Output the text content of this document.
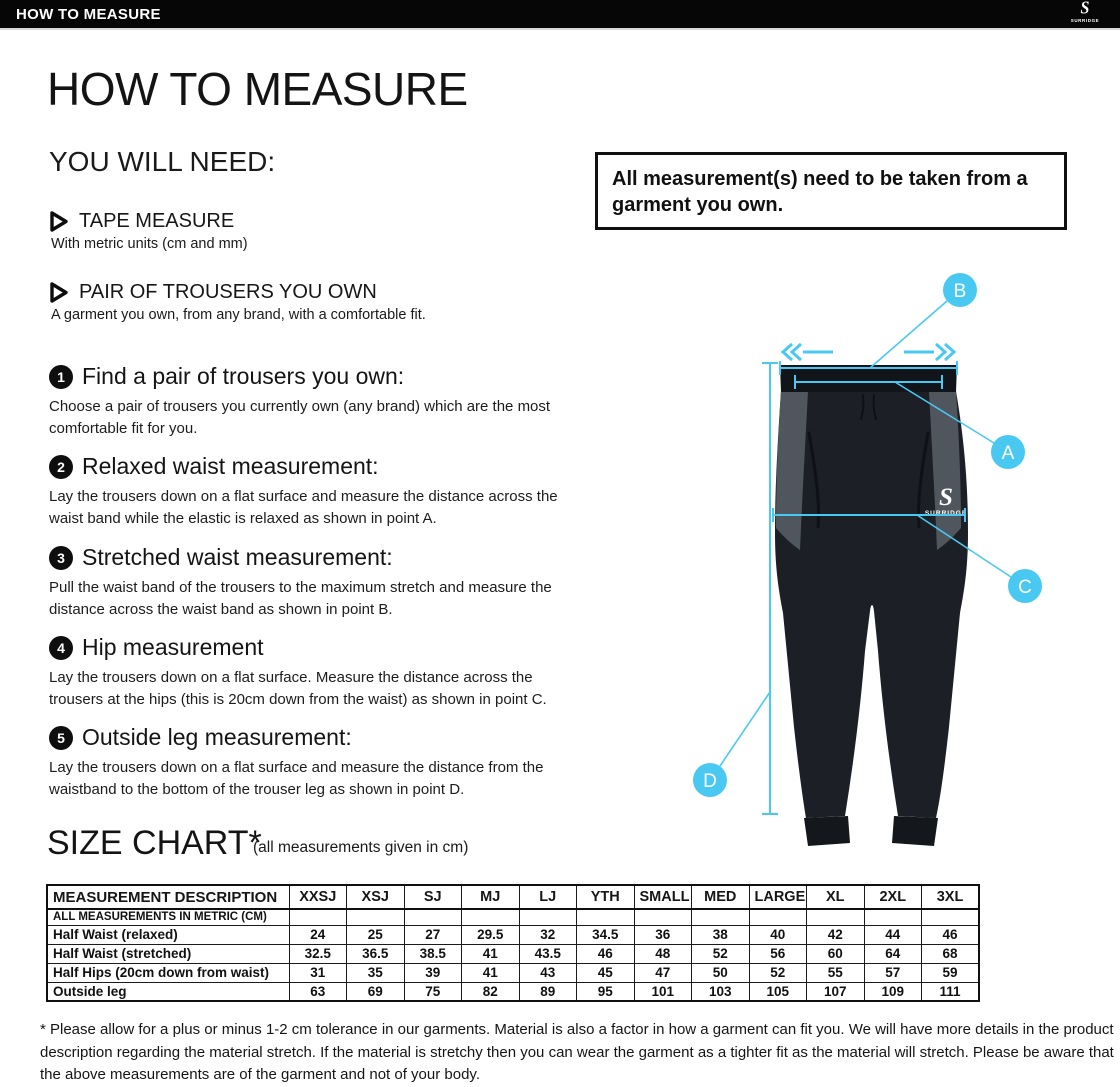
HOW TO MEASURE	S
SURRIDGE
HOW TO MEASURE
YOU WILL NEED:
TAPE MEASURE
With metric units (cm and mm)
PAIR OF TROUSERS YOU OWN
A garment you own, from any brand, with a comfortable fit.
1 Find a pair of trousers you own:
Choose a pair of trousers you currently own (any brand) which are the most comfortable fit for you.
2 Relaxed waist measurement:
Lay the trousers down on a flat surface and measure the distance across the waist band while the elastic is relaxed as shown in point A.
3 Stretched waist measurement:
Pull the waist band of the trousers to the maximum stretch and measure the distance across the waist band as shown in point B.
4 Hip measurement
Lay the trousers down on a flat surface. Measure the distance across the trousers at the hips (this is 20cm down from the waist) as shown in point C.
5 Outside leg measurement:
Lay the trousers down on a flat surface and measure the distance from the waistband to the bottom of the trouser leg as shown in point D.
All measurement(s) need to be taken from a garment you own.
S
SURRIDGE
B
A
C
D
SIZE CHART*
(all measurements given in cm)
MEASUREMENT DESCRIPTION	XXSJ	XSJ	SJ	MJ	LJ	YTH	SMALL	MED	LARGE	XL	2XL	3XL
ALL MEASUREMENTS IN METRIC (CM)												
Half Waist (relaxed)	24	25	27	29.5	32	34.5	36	38	40	42	44	46
Half Waist (stretched)	32.5	36.5	38.5	41	43.5	46	48	52	56	60	64	68
Half Hips (20cm down from waist)	31	35	39	41	43	45	47	50	52	55	57	59
Outside leg	63	69	75	82	89	95	101	103	105	107	109	111
* Please allow for a plus or minus 1-2 cm tolerance in our garments. Material is also a factor in how a garment can fit you. We will have more details in the product description regarding the material stretch. If the material is stretchy then you can wear the garment as a tighter fit as the material will stretch. Please be aware that the above measurements are of the garment and not of your body.
